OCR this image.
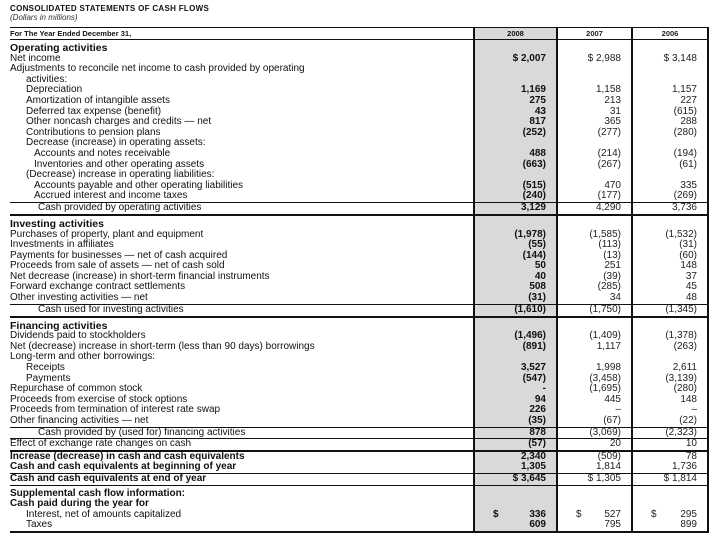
CONSOLIDATED STATEMENTS OF CASH FLOWS
(Dollars in millions)
For The Year Ended December 31,	2008	2007	2006
Operating activities			
Net income	$ 2,007	$ 2,988	$ 3,148
Adjustments to reconcile net income to cash provided by operating			
activities:			
Depreciation	1,169	1,158	1,157
Amortization of intangible assets	275	213	227
Deferred tax expense (benefit)	43	31	(615)
Other noncash charges and credits — net	817	365	288
Contributions to pension plans	(252)	(277)	(280)
Decrease (increase) in operating assets:			
Accounts and notes receivable	488	(214)	(194)
Inventories and other operating assets	(663)	(267)	(61)
(Decrease) increase in operating liabilities:			
Accounts payable and other operating liabilities	(515)	470	335
Accrued interest and income taxes	(240)	(177)	(269)
Cash provided by operating activities	3,129	4,290	3,736
Investing activities			
Purchases of property, plant and equipment	(1,978)	(1,585)	(1,532)
Investments in affiliates	(55)	(113)	(31)
Payments for businesses — net of cash acquired	(144)	(13)	(60)
Proceeds from sale of assets — net of cash sold	50	251	148
Net decrease (increase) in short-term financial instruments	40	(39)	37
Forward exchange contract settlements	508	(285)	45
Other investing activities — net	(31)	34	48
Cash used for investing activities	(1,610)	(1,750)	(1,345)
Financing activities			
Dividends paid to stockholders	(1,496)	(1,409)	(1,378)
Net (decrease) increase in short-term (less than 90 days) borrowings	(891)	1,117	(263)
Long-term and other borrowings:			
Receipts	3,527	1,998	2,611
Payments	(547)	(3,458)	(3,139)
Repurchase of common stock	-	(1,695)	(280)
Proceeds from exercise of stock options	94	445	148
Proceeds from termination of interest rate swap	226	–	–
Other financing activities — net	(35)	(67)	(22)
Cash provided by (used for) financing activities	878	(3,069)	(2,323)
Effect of exchange rate changes on cash	(57)	20	10
Increase (decrease) in cash and cash equivalents	2,340	(509)	78
Cash and cash equivalents at beginning of year	1,305	1,814	1,736
Cash and cash equivalents at end of year	$ 3,645	$ 1,305	$ 1,814
Supplemental cash flow information:			
Cash paid during the year for			
Interest, net of amounts capitalized	$ 336	$ 527	$ 295
Taxes	609	795	899
